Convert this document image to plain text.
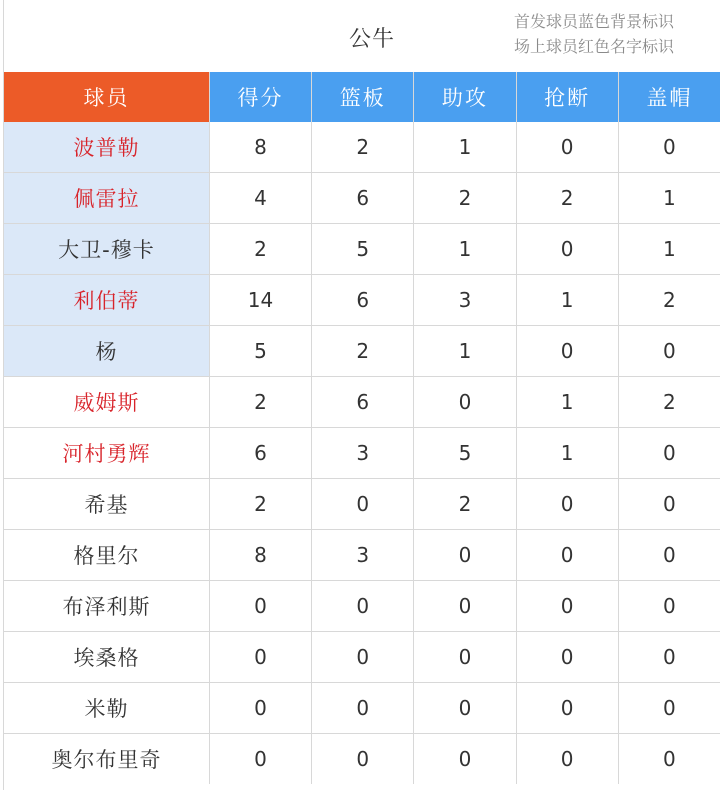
公牛
首发球员蓝色背景标识
场上球员红色名字标识
球员	得分	篮板	助攻	抢断	盖帽
波普勒	8	2	1	0	0
佩雷拉	4	6	2	2	1
大卫-穆卡	2	5	1	0	1
利伯蒂	14	6	3	1	2
杨	5	2	1	0	0
威姆斯	2	6	0	1	2
河村勇辉	6	3	5	1	0
希基	2	0	2	0	0
格里尔	8	3	0	0	0
布泽利斯	0	0	0	0	0
埃桑格	0	0	0	0	0
米勒	0	0	0	0	0
奥尔布里奇	0	0	0	0	0
